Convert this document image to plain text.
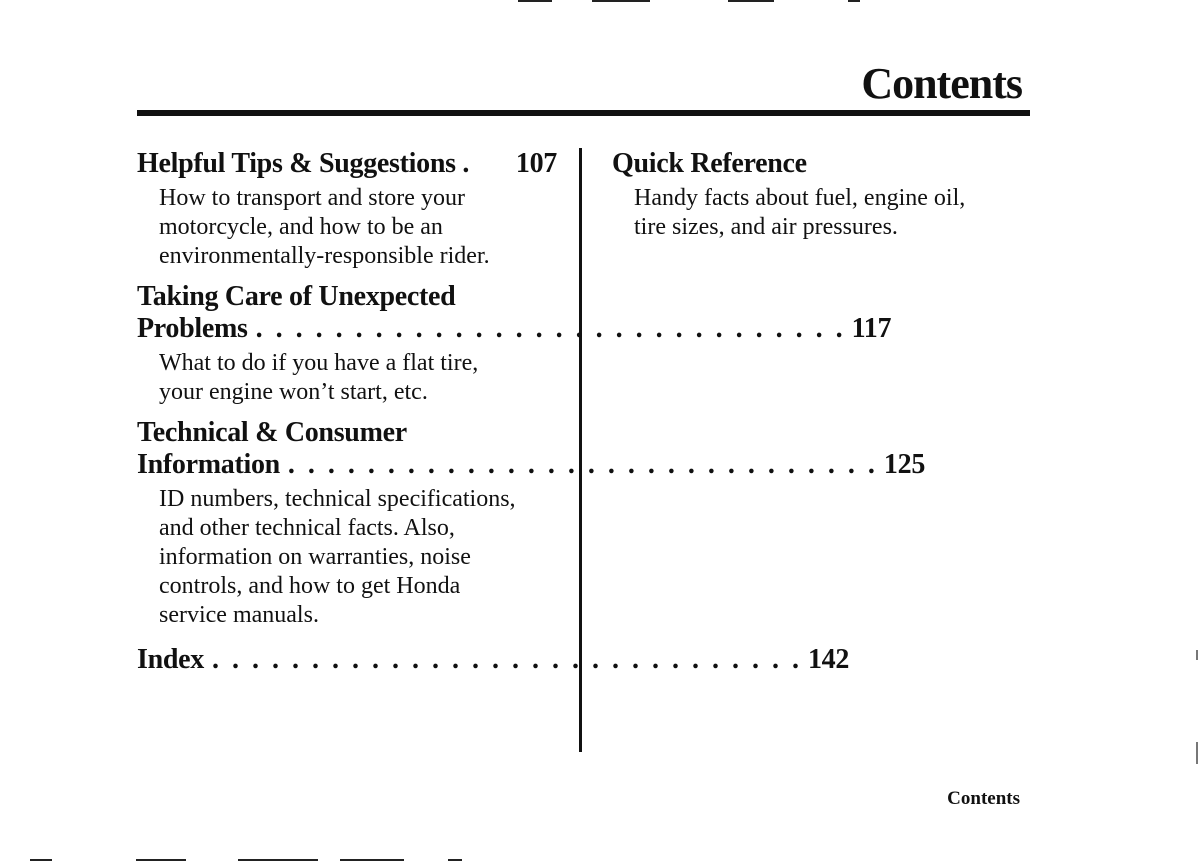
Contents
Helpful Tips & Suggestions . 107
How to transport and store your
motorcycle, and how to be an
environmentally-responsible rider.
Taking Care of Unexpected
Problems . . . . . . . . . . . . . . . . . . . . . . . . . . . . . . 117
What to do if you have a flat tire,
your engine won’t start, etc.
Technical & Consumer
Information . . . . . . . . . . . . . . . . . . . . . . . . . . . . . . 125
ID numbers, technical specifications,
and other technical facts. Also,
information on warranties, noise
controls, and how to get Honda
service manuals.
Index . . . . . . . . . . . . . . . . . . . . . . . . . . . . . . 142
Quick Reference
Handy facts about fuel, engine oil,
tire sizes, and air pressures.
Contents
